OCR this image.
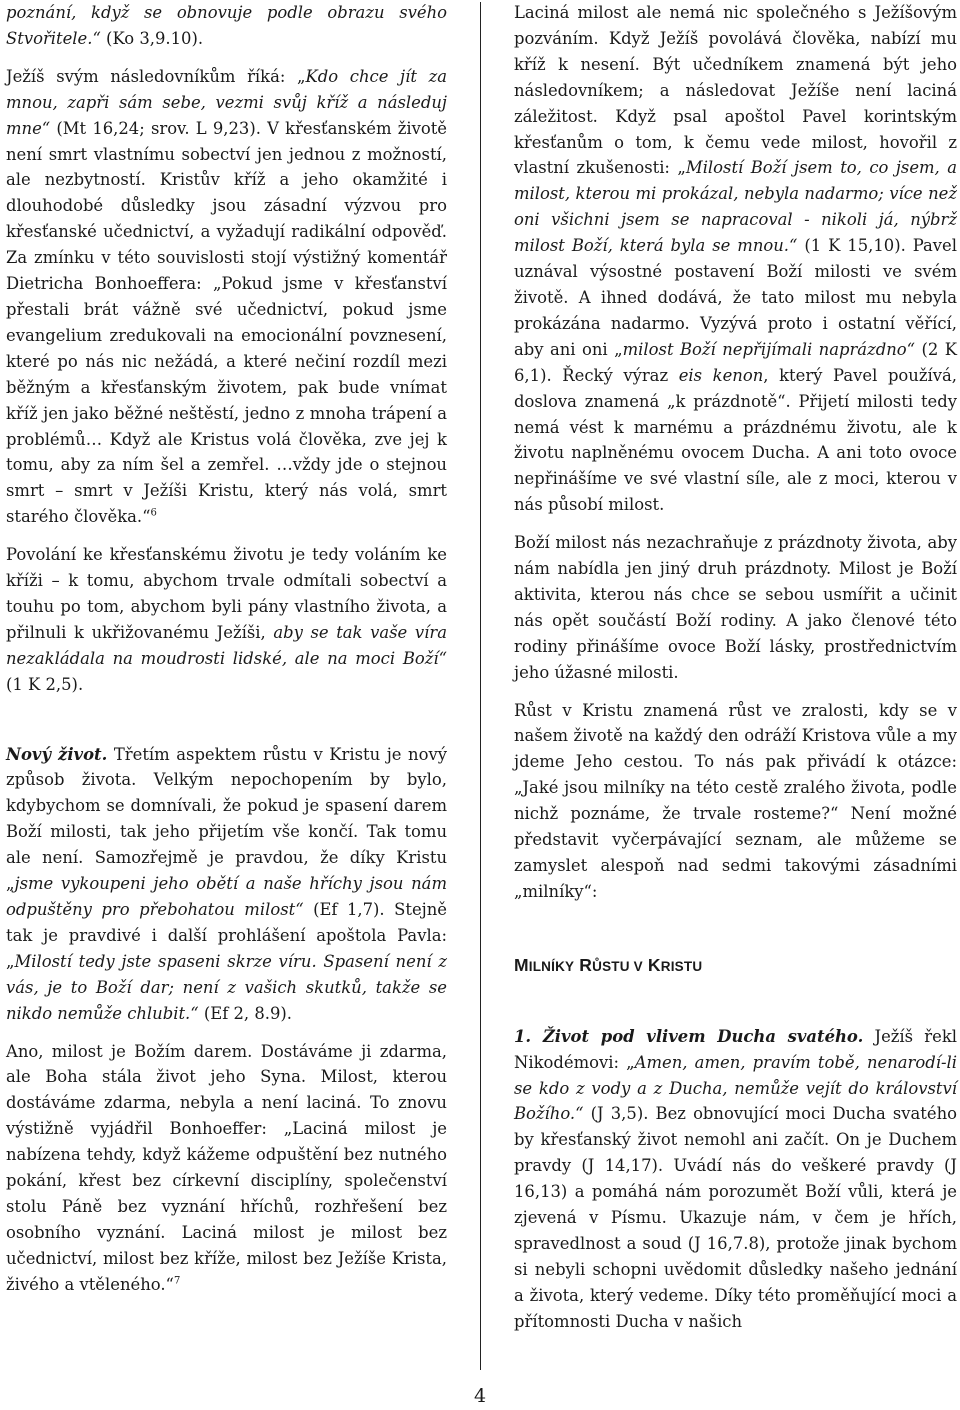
poznání, když se obnovuje podle obrazu svého Stvořitele.“ (Ko 3,9.10).

Ježíš svým následovníkům říká: „Kdo chce jít za mnou, zapři sám sebe, vezmi svůj kříž a následuj mne“ (Mt 16,24; srov. L 9,23). V křesťanském životě není smrt vlastnímu sobectví jen jednou z možností, ale nezbytností. Kristův kříž a jeho okamžité i dlouhodobé důsledky jsou zásadní výzvou pro křesťanské učednictví, a vyžadují radikální odpověď. Za zmínku v této souvislosti stojí výstižný komentář Dietricha Bonhoeffera: „Pokud jsme v křesťanství přestali brát vážně své učednictví, pokud jsme evangelium zredukovali na emocionální povznesení, které po nás nic nežádá, a které nečiní rozdíl mezi běžným a křesťanským životem, pak bude vnímat kříž jen jako běžné neštěstí, jedno z mnoha trápení a problémů… Když ale Kristus volá člověka, zve jej k tomu, aby za ním šel a zemřel. …vždy jde o stejnou smrt – smrt v Ježíši Kristu, který nás volá, smrt starého člověka.“$^6$

Povolání ke křesťanskému životu je tedy voláním ke kříži – k tomu, abychom trvale odmítali sobectví a touhu po tom, abychom byli pány vlastního života, a přilnuli k ukřižovanému Ježíši, aby se tak vaše víra nezakládala na moudrosti lidské, ale na moci Boží“ (1 K 2,5).

Nový život. Třetím aspektem růstu v Kristu je nový způsob života. Velkým nepochopením by bylo, kdybychom se domnívali, že pokud je spasení darem Boží milosti, tak jeho přijetím vše končí. Tak tomu ale není. Samozřejmě je pravdou, že díky Kristu „jsme vykoupeni jeho obětí a naše hříchy jsou nám odpuštěny pro přebohatou milost“ (Ef 1,7). Stejně tak je pravdivé i další prohlášení apoštola Pavla: „Milostí tedy jste spaseni skrze víru. Spasení není z vás, je to Boží dar; není z vašich skutků, takže se nikdo nemůže chlubit.“ (Ef 2, 8.9).

Ano, milost je Božím darem. Dostáváme ji zdarma, ale Boha stála život jeho Syna. Milost, kterou dostáváme zdarma, nebyla a není laciná. To znovu výstižně vyjádřil Bonhoeffer: „Laciná milost je nabízena tehdy, když kážeme odpuštění bez nutného pokání, křest bez církevní disciplíny, společenství stolu Páně bez vyznání hříchů, rozhřešení bez osobního vyznání. Laciná milost je milost bez učednictví, milost bez kříže, milost bez Ježíše Krista, živého a vtěleného.“$^7$

Laciná milost ale nemá nic společného s Ježíšovým pozváním. Když Ježíš povolává člověka, nabízí mu kříž k nesení. Být učedníkem znamená být jeho následovníkem; a následovat Ježíše není laciná záležitost. Když psal apoštol Pavel korintským křesťanům o tom, k čemu vede milost, hovořil z vlastní zkušenosti: „Milostí Boží jsem to, co jsem, a milost, kterou mi prokázal, nebyla nadarmo; více než oni všichni jsem se napracoval - nikoli já, nýbrž milost Boží, která byla se mnou.“ (1 K 15,10). Pavel uznával výsostné postavení Boží milosti ve svém životě. A ihned dodává, že tato milost mu nebyla prokázána nadarmo. Vyzývá proto i ostatní věřící, aby ani oni „milost Boží nepřijímali naprázdno“ (2 K 6,1). Řecký výraz eis kenon, který Pavel používá, doslova znamená „k prázdnotě“. Přijetí milosti tedy nemá vést k marnému a prázdnému životu, ale k životu naplněnému ovocem Ducha. A ani toto ovoce nepřinášíme ve své vlastní síle, ale z moci, kterou v nás působí milost.

Boží milost nás nezachraňuje z prázdnoty života, aby nám nabídla jen jiný druh prázdnoty. Milost je Boží aktivita, kterou nás chce se sebou usmířit a učinit nás opět součástí Boží rodiny. A jako členové této rodiny přinášíme ovoce Boží lásky, prostřednictvím jeho úžasné milosti.

Růst v Kristu znamená růst ve zralosti, kdy se v našem životě na každý den odráží Kristova vůle a my jdeme Jeho cestou. To nás pak přivádí k otázce: „Jaké jsou milníky na této cestě zralého života, podle nichž poznáme, že trvale rosteme?“ Není možné představit vyčerpávající seznam, ale můžeme se zamyslet alespoň nad sedmi takovými zásadními „milníky“:

MILNÍKY RŮSTU V KRISTU

1. Život pod vlivem Ducha svatého. Ježíš řekl Nikodémovi: „Amen, amen, pravím tobě, nenarodí-li se kdo z vody a z Ducha, nemůže vejít do království Božího.“ (J 3,5). Bez obnovující moci Ducha svatého by křesťanský život nemohl ani začít. On je Duchem pravdy (J 14,17). Uvádí nás do veškeré pravdy (J 16,13) a pomáhá nám porozumět Boží vůli, která je zjevená v Písmu. Ukazuje nám, v čem je hřích, spravedlnost a soud (J 16,7.8), protože jinak bychom si nebyli schopni uvědomit důsledky našeho jednání a života, který vedeme. Díky této proměňující moci a přítomnosti Ducha v našich

4
